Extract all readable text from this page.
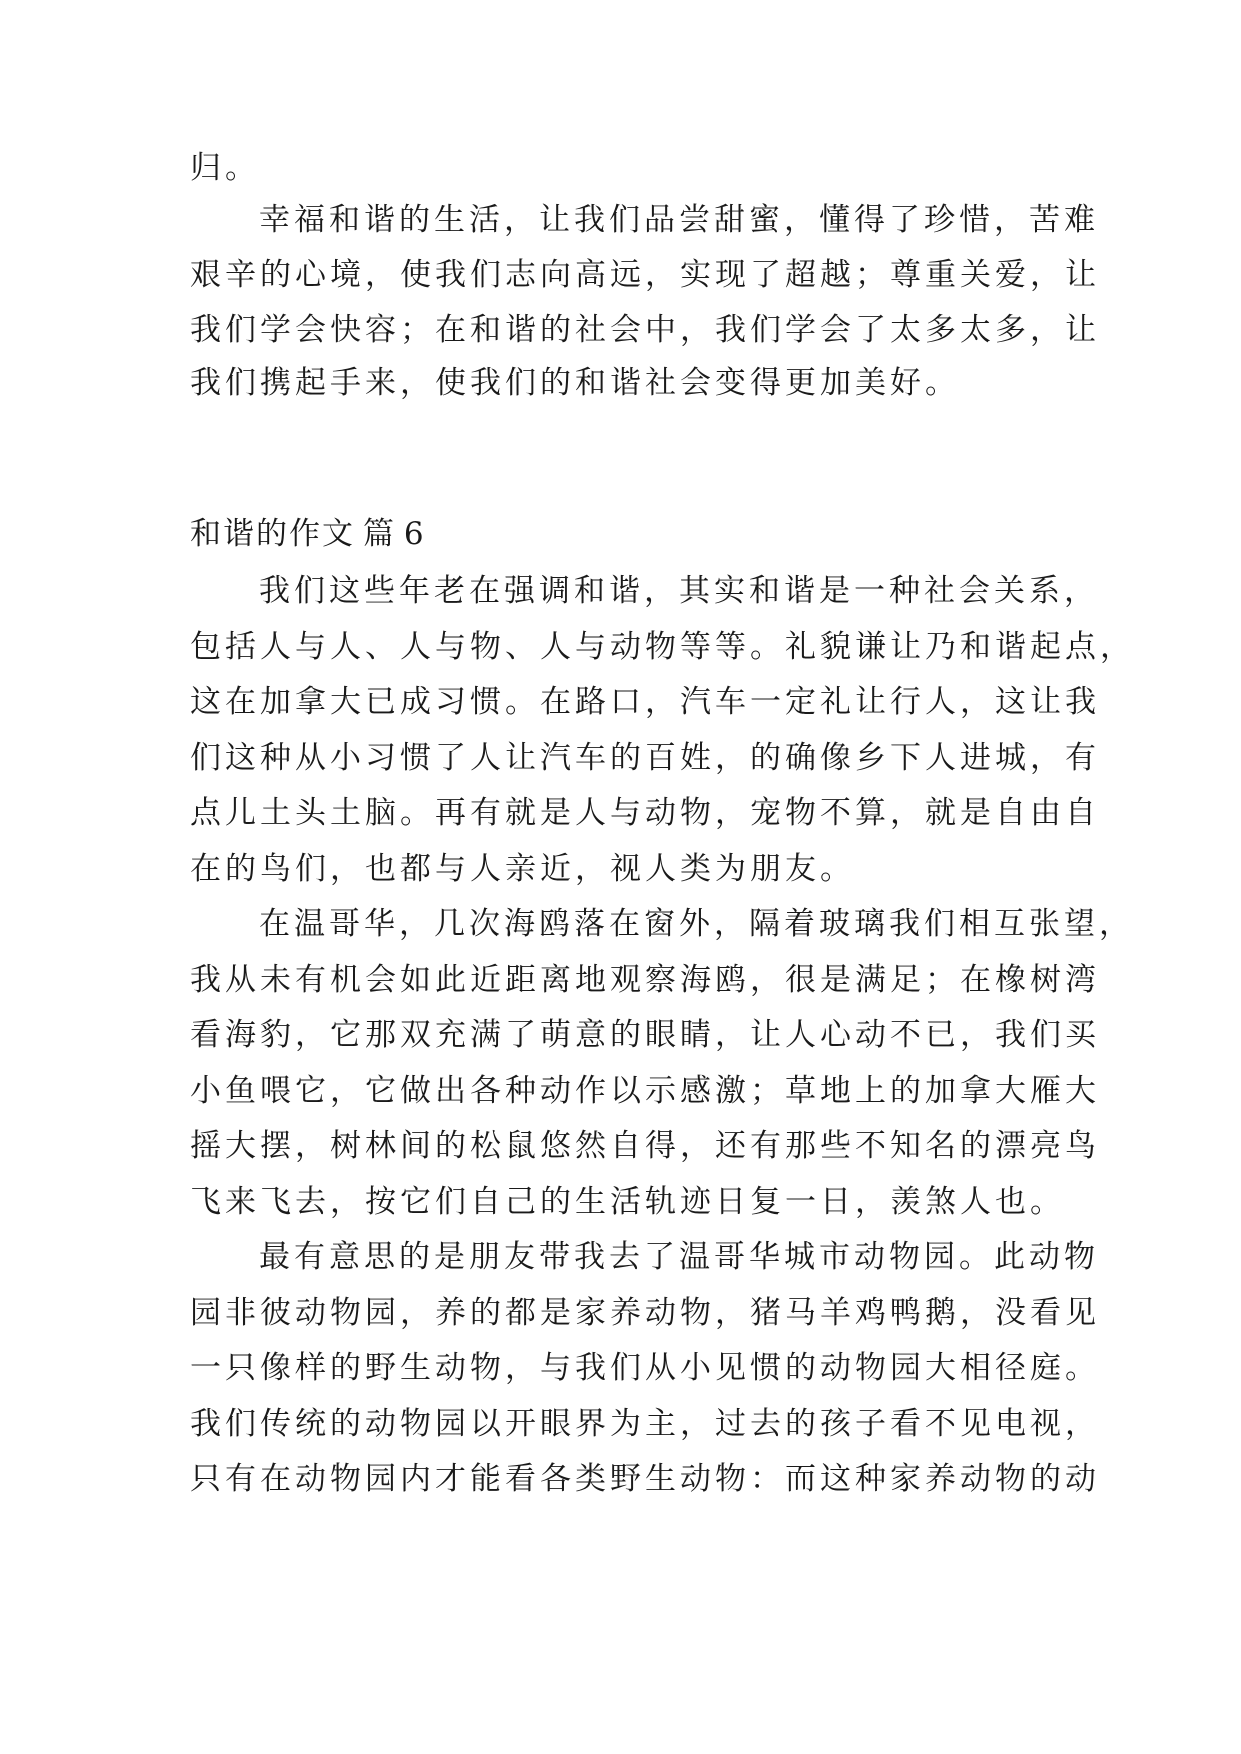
归。
幸福和谐的生活，让我们品尝甜蜜，懂得了珍惜，苦难
艰辛的心境，使我们志向高远，实现了超越；尊重关爱，让
我们学会快容；在和谐的社会中，我们学会了太多太多，让
我们携起手来，使我们的和谐社会变得更加美好。
和谐的作文 篇 6
我们这些年老在强调和谐，其实和谐是一种社会关系，
包括人与人、人与物、人与动物等等。礼貌谦让乃和谐起点，
这在加拿大已成习惯。在路口，汽车一定礼让行人，这让我
们这种从小习惯了人让汽车的百姓，的确像乡下人进城，有
点儿土头土脑。再有就是人与动物，宠物不算，就是自由自
在的鸟们，也都与人亲近，视人类为朋友。
在温哥华，几次海鸥落在窗外，隔着玻璃我们相互张望，
我从未有机会如此近距离地观察海鸥，很是满足；在橡树湾
看海豹，它那双充满了萌意的眼睛，让人心动不已，我们买
小鱼喂它，它做出各种动作以示感激；草地上的加拿大雁大
摇大摆，树林间的松鼠悠然自得，还有那些不知名的漂亮鸟
飞来飞去，按它们自己的生活轨迹日复一日，羡煞人也。
最有意思的是朋友带我去了温哥华城市动物园。此动物
园非彼动物园，养的都是家养动物，猪马羊鸡鸭鹅，没看见
一只像样的野生动物，与我们从小见惯的动物园大相径庭。
我们传统的动物园以开眼界为主，过去的孩子看不见电视，
只有在动物园内才能看各类野生动物：而这种家养动物的动
